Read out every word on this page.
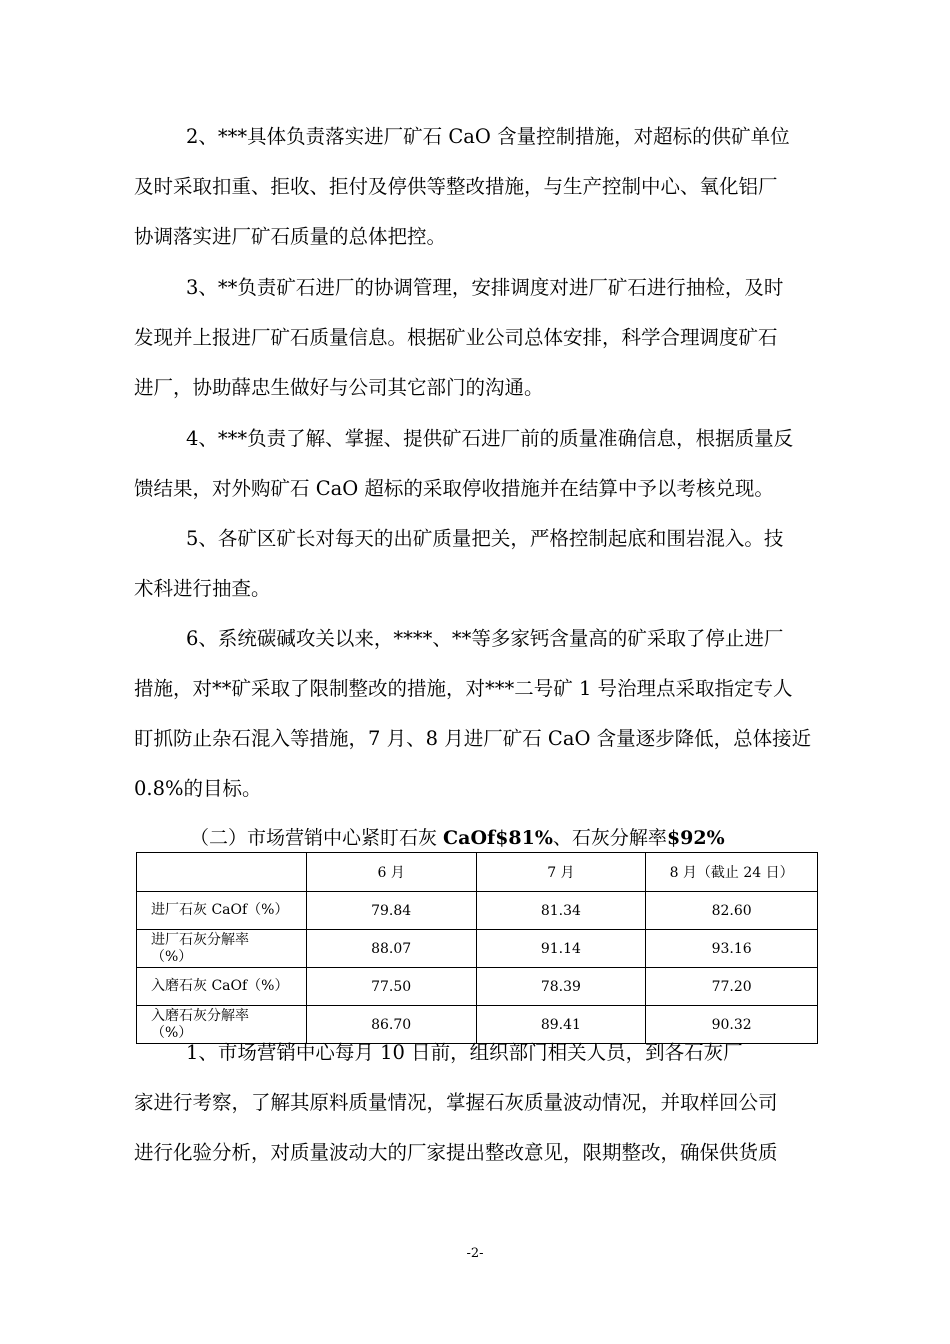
2、***具体负责落实进厂矿石 CaO 含量控制措施，对超标的供矿单位
及时采取扣重、拒收、拒付及停供等整改措施，与生产控制中心、氧化铝厂
协调落实进厂矿石质量的总体把控。
3、**负责矿石进厂的协调管理，安排调度对进厂矿石进行抽检，及时
发现并上报进厂矿石质量信息。根据矿业公司总体安排，科学合理调度矿石
进厂，协助薛忠生做好与公司其它部门的沟通。
4、***负责了解、掌握、提供矿石进厂前的质量准确信息，根据质量反
馈结果，对外购矿石 CaO 超标的采取停收措施并在结算中予以考核兑现。
5、各矿区矿长对每天的出矿质量把关，严格控制起底和围岩混入。技
术科进行抽查。
6、系统碳碱攻关以来，****、**等多家钙含量高的矿采取了停止进厂
措施，对**矿采取了限制整改的措施，对***二号矿 1 号治理点采取指定专人
盯抓防止杂石混入等措施，7 月、8 月进厂矿石 CaO 含量逐步降低，总体接近
0.8%的目标。

（二）市场营销中心紧盯石灰 CaOf$81%、石灰分解率$92%

	6 月	7 月	8 月（截止 24 日）
进厂石灰 CaOf（%）	79.84	81.34	82.60
进厂石灰分解率
（%）	88.07	91.14	93.16
入磨石灰 CaOf（%）	77.50	78.39	77.20
入磨石灰分解率
（%）	86.70	89.41	90.32
1、市场营销中心每月 10 日前，组织部门相关人员，到各石灰厂
家进行考察，了解其原料质量情况，掌握石灰质量波动情况，并取样回公司
进行化验分析，对质量波动大的厂家提出整改意见，限期整改，确保供货质

-2-
